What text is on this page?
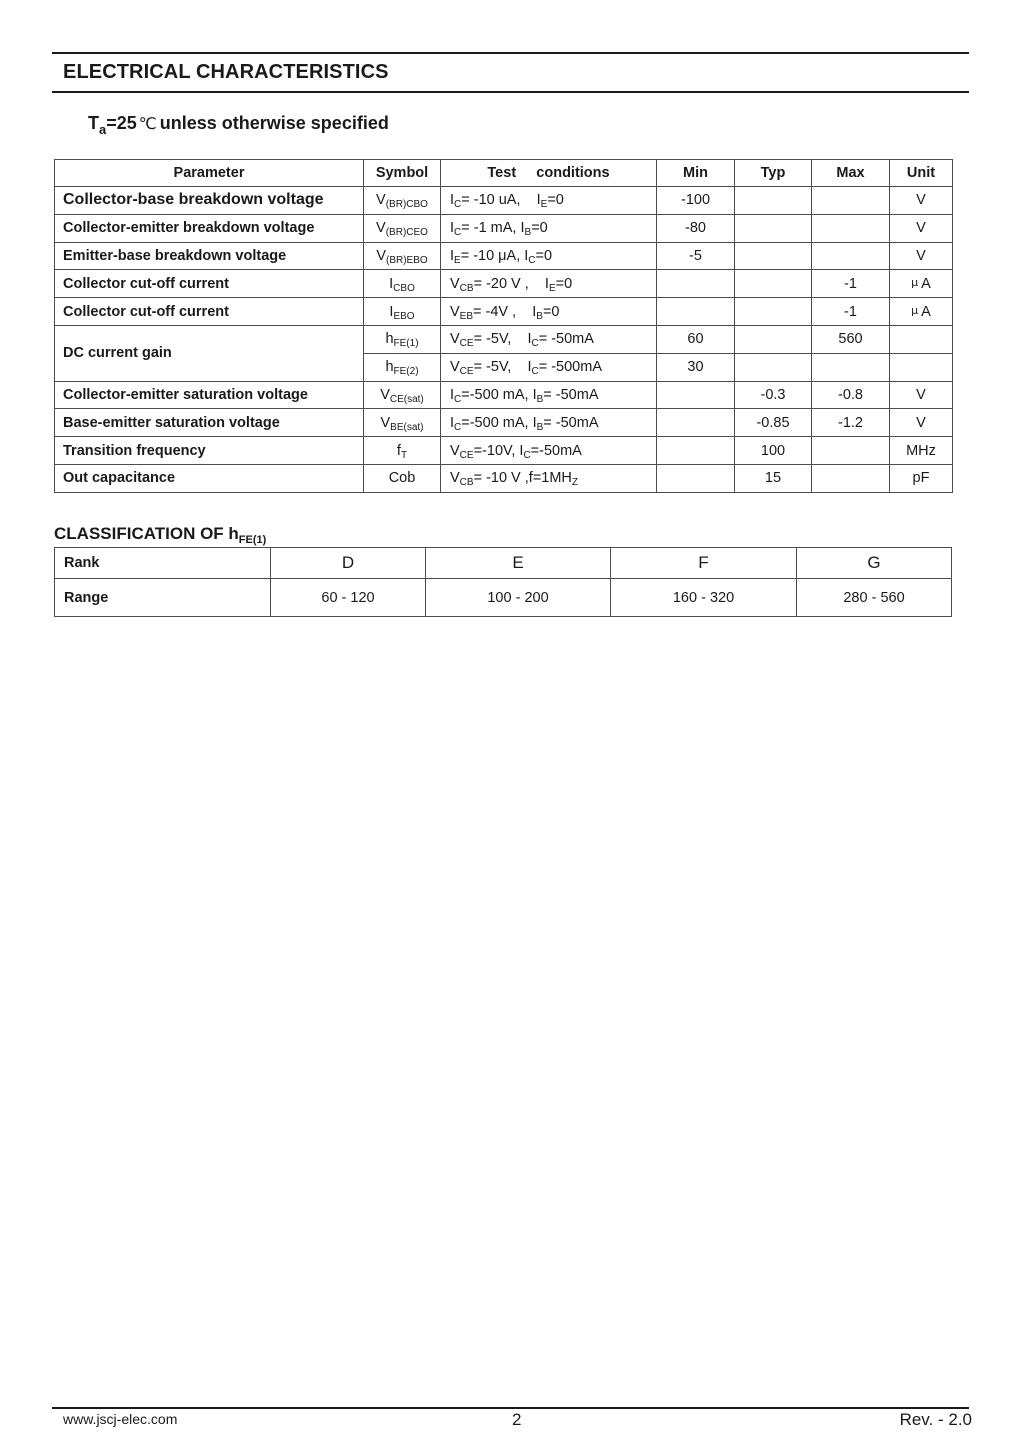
ELECTRICAL CHARACTERISTICS
$T_a=25$ ℃ unless otherwise specified
Parameter	Symbol	Test     conditions	Min	Typ	Max	Unit
Collector-base breakdown voltage	$V_{(BR)CBO}$	$I_C= -10$ uA,    $I_E=0$	-100			V
Collector-emitter breakdown voltage	$V_{(BR)CEO}$	$I_C= -1$ mA, $I_B=0$	-80			V
Emitter-base breakdown voltage	$V_{(BR)EBO}$	$I_E= -10$ μA, $I_C=0$	-5			V
Collector cut-off current	$I_{CBO}$	$V_{CB}= -20$ V ,    $I_E=0$			-1	μ A
Collector cut-off current	$I_{EBO}$	$V_{EB}= -4V$ ,    $I_B=0$			-1	μ A
DC current gain	$h_{FE(1)}$	$V_{CE}= -5V$,    $I_C= -50mA$	60		560	
	$h_{FE(2)}$	$V_{CE}= -5V$,    $I_C= -500mA$	30			
Collector-emitter saturation voltage	$V_{CE(sat)}$	$I_C=-500$ mA, $I_B= -50mA$		-0.3	-0.8	V
Base-emitter saturation voltage	$V_{BE(sat)}$	$I_C=-500$ mA, $I_B= -50mA$		-0.85	-1.2	V
Transition frequency	$f_T$	$V_{CE}=-10V$, $I_C=-50mA$		100		MHz
Out capacitance	Cob	$V_{CB}= -10$ V $,f=1MH_Z$		15		pF
CLASSIFICATION OF $h_{FE(1)}$
Rank	D	E	F	G
Range	60 - 120	100 - 200	160 - 320	280 - 560
www.jscj-elec.com	2	Rev. - 2.0
